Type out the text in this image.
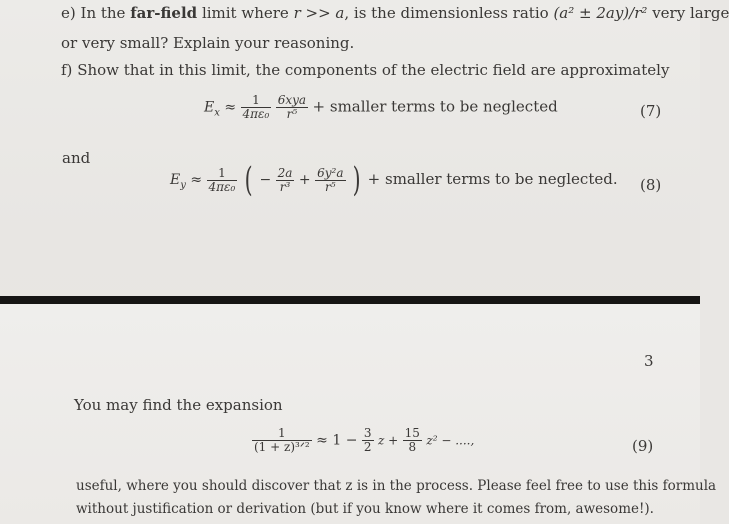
e) In the far-field limit where r >> a, is the dimensionless ratio (a² ± 2ay)/r² very large
or very small? Explain your reasoning.
f) Show that in this limit, the components of the electric field are approximately
$E_x \approx \frac{1}{\text{4πε₀}}$
$\frac{\text{6xya}}{\text{r⁵}}$ + smaller terms to be neglected	(7)
and
$E_y \approx \frac{1}{\text{4πε₀}}$ ( − $\frac{2a}{\text{r³}} + \frac{\text{6y²a}}{\text{r⁵}}$ ) + smaller terms to be neglected. (8)
3
You may find the expansion
$\frac{1}{\text{(1 + z)³ᐟ²}} \approx 1 - \frac{3}{2}$ $z + \frac{15}{8} z^2$ − ....,	(9)
useful, where you should discover that z is in the process. Please feel free to use this formula
without justification or derivation (but if you know where it comes from, awesome!).
